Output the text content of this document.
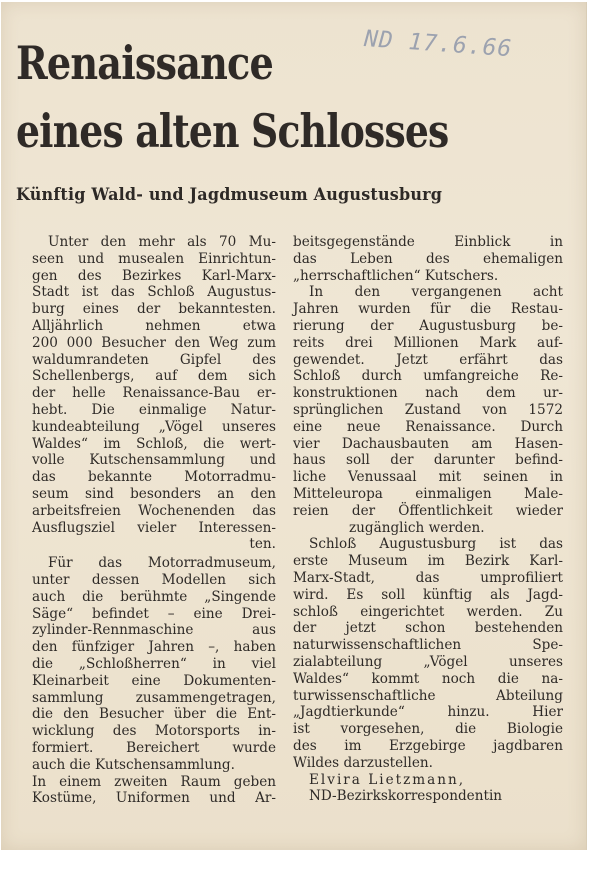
ND 17.6.66
Renaissance
eines alten Schlosses
Künftig Wald- und Jagdmuseum Augustusburg
Unter den mehr als 70 Mu-
seen und musealen Einrichtun-
gen des Bezirkes Karl-Marx-
Stadt ist das Schloß Augustus-
burg eines der bekanntesten.
Alljährlich nehmen etwa
200 000 Besucher den Weg zum
waldumrandeten Gipfel des
Schellenbergs, auf dem sich
der helle Renaissance-Bau er-
hebt. Die einmalige Natur-
kundeabteilung „Vögel unseres
Waldes“ im Schloß, die wert-
volle Kutschensammlung und
das bekannte Motorradmu-
seum sind besonders an den
arbeitsfreien Wochenenden das
Ausflugsziel vieler Interessen-
ten.
Für das Motorradmuseum,
unter dessen Modellen sich
auch die berühmte „Singende
Säge“ befindet – eine Drei-
zylinder-Rennmaschine aus
den fünfziger Jahren –, haben
die „Schloßherren“ in viel
Kleinarbeit eine Dokumenten-
sammlung zusammengetragen,
die den Besucher über die Ent-
wicklung des Motorsports in-
formiert. Bereichert wurde
auch die Kutschensammlung.
In einem zweiten Raum geben
Kostüme, Uniformen und Ar-
beitsgegenstände Einblick in
das Leben des ehemaligen
„herrschaftlichen“ Kutschers.
In den vergangenen acht
Jahren wurden für die Restau-
rierung der Augustusburg be-
reits drei Millionen Mark auf-
gewendet. Jetzt erfährt das
Schloß durch umfangreiche Re-
konstruktionen nach dem ur-
sprünglichen Zustand von 1572
eine neue Renaissance. Durch
vier Dachausbauten am Hasen-
haus soll der darunter befind-
liche Venussaal mit seinen in
Mitteleuropa einmaligen Male-
reien der Öffentlichkeit wieder
zugänglich werden.
Schloß Augustusburg ist das
erste Museum im Bezirk Karl-
Marx-Stadt, das umprofiliert
wird. Es soll künftig als Jagd-
schloß eingerichtet werden. Zu
der jetzt schon bestehenden
naturwissenschaftlichen Spe-
zialabteilung „Vögel unseres
Waldes“ kommt noch die na-
turwissenschaftliche Abteilung
„Jagdtierkunde“ hinzu. Hier
ist vorgesehen, die Biologie
des im Erzgebirge jagdbaren
Wildes darzustellen.
Elvira Lietzmann,
ND-Bezirkskorrespondentin
